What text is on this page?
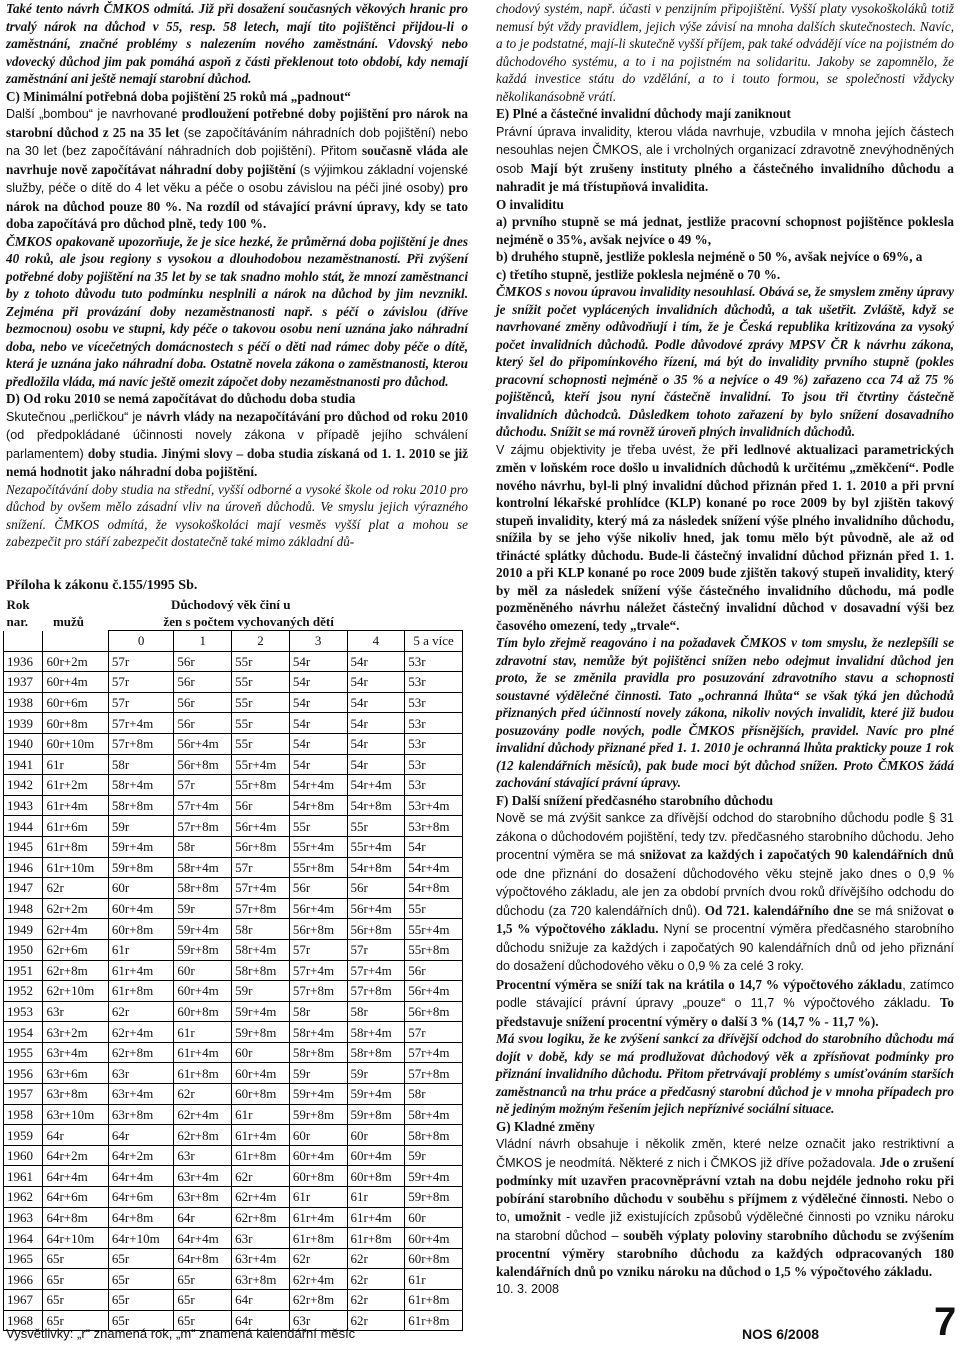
Také tento návrh ČMKOS odmítá. Již při dosažení současných věkových hranic pro trvalý nárok na důchod v 55, resp. 58 letech, mají tito pojištěnci přijdou-li o zaměstnání, značné problémy s nalezením nového zaměstnání. Vdovský nebo vdovecký důchod jim pak pomáhá aspoň z části překlenout toto období, kdy nemají zaměstnání ani ještě nemají starobní důchod.

C) Minimální potřebná doba pojištění 25 roků má „padnout“

Další „bombou“ je navrhované prodloužení potřebné doby pojištění pro nárok na starobní důchod z 25 na 35 let (se započítáváním náhradních dob pojištění) nebo na 30 let (bez započítávání náhradních dob pojištění). Přitom současně vláda ale navrhuje nově započítávat náhradní doby pojištění (s výjimkou základní vojenské služby, péče o dítě do 4 let věku a péče o osobu závislou na péči jiné osoby) pro nárok na důchod pouze 80 %. Na rozdíl od stávající právní úpravy, kdy se tato doba započítává pro důchod plně, tedy 100 %.

ČMKOS opakovaně upozorňuje, že je sice hezké, že průměrná doba pojištění je dnes 40 roků, ale jsou regiony s vysokou a dlouhodobou nezaměstnaností. Při zvýšení potřebné doby pojištění na 35 let by se tak snadno mohlo stát, že mnozí zaměstnanci by z tohoto důvodu tuto podmínku nesplnili a nárok na důchod by jim nevznikl. Zejména při provázání doby nezaměstnanosti např. s péčí o závislou (dříve bezmocnou) osobu ve stupni, kdy péče o takovou osobu není uznána jako náhradní doba, nebo ve vícečetných domácnostech s péčí o děti nad rámec doby péče o dítě, která je uznána jako náhradní doba. Ostatně novela zákona o zaměstnanosti, kterou předložila vláda, má navíc ještě omezit zápočet doby nezaměstnanosti pro důchod.

D) Od roku 2010 se nemá započítávat do důchodu doba studia

Skutečnou „perličkou“ je návrh vlády na nezapočítávání pro důchod od roku 2010 (od předpokládané účinnosti novely zákona v případě jejího schválení parlamentem) doby studia. Jinými slovy – doba studia získaná od 1. 1. 2010 se již nemá hodnotit jako náhradní doba pojištění.

Nezapočítávání doby studia na střední, vyšší odborné a vysoké škole od roku 2010 pro důchod by ovšem mělo zásadní vliv na úroveň důchodů. Ve smyslu jejich výrazného snížení. ČMKOS odmítá, že vysokoškoláci mají vesměs vyšší plat a mohou se zabezpečit pro stáří zabezpečit dostatečně také mimo základní dů-

Příloha k zákonu č.155/1995 Sb.
Rok	Důchodový věk činí u						
nar.	mužů	žen s počtem vychovaných dětí					
		0	1	2	3	4	5 a více
1936	60r+2m	57r	56r	55r	54r	54r	53r
1937	60r+4m	57r	56r	55r	54r	54r	53r
1938	60r+6m	57r	56r	55r	54r	54r	53r
1939	60r+8m	57r+4m	56r	55r	54r	54r	53r
1940	60r+10m	57r+8m	56r+4m	55r	54r	54r	53r
1941	61r	58r	56r+8m	55r+4m	54r	54r	53r
1942	61r+2m	58r+4m	57r	55r+8m	54r+4m	54r+4m	53r
1943	61r+4m	58r+8m	57r+4m	56r	54r+8m	54r+8m	53r+4m
1944	61r+6m	59r	57r+8m	56r+4m	55r	55r	53r+8m
1945	61r+8m	59r+4m	58r	56r+8m	55r+4m	55r+4m	54r
1946	61r+10m	59r+8m	58r+4m	57r	55r+8m	54r+8m	54r+4m
1947	62r	60r	58r+8m	57r+4m	56r	56r	54r+8m
1948	62r+2m	60r+4m	59r	57r+8m	56r+4m	56r+4m	55r
1949	62r+4m	60r+8m	59r+4m	58r	56r+8m	56r+8m	55r+4m
1950	62r+6m	61r	59r+8m	58r+4m	57r	57r	55r+8m
1951	62r+8m	61r+4m	60r	58r+8m	57r+4m	57r+4m	56r
1952	62r+10m	61r+8m	60r+4m	59r	57r+8m	57r+8m	56r+4m
1953	63r	62r	60r+8m	59r+4m	58r	58r	56r+8m
1954	63r+2m	62r+4m	61r	59r+8m	58r+4m	58r+4m	57r
1955	63r+4m	62r+8m	61r+4m	60r	58r+8m	58r+8m	57r+4m
1956	63r+6m	63r	61r+8m	60r+4m	59r	59r	57r+8m
1957	63r+8m	63r+4m	62r	60r+8m	59r+4m	59r+4m	58r
1958	63r+10m	63r+8m	62r+4m	61r	59r+8m	59r+8m	58r+4m
1959	64r	64r	62r+8m	61r+4m	60r	60r	58r+8m
1960	64r+2m	64r+2m	63r	61r+8m	60r+4m	60r+4m	59r
1961	64r+4m	64r+4m	63r+4m	62r	60r+8m	60r+8m	59r+4m
1962	64r+6m	64r+6m	63r+8m	62r+4m	61r	61r	59r+8m
1963	64r+8m	64r+8m	64r	62r+8m	61r+4m	61r+4m	60r
1964	64r+10m	64r+10m	64r+4m	63r	61r+8m	61r+8m	60r+4m
1965	65r	65r	64r+8m	63r+4m	62r	62r	60r+8m
1966	65r	65r	65r	63r+8m	62r+4m	62r	61r
1967	65r	65r	65r	64r	62r+8m	62r	61r+8m
1968	65r	65r	65r	64r	63r	62r	61r+8m
Vysvětlivky: „r“ znamená rok, „m“ znamená kalendářní měsíc

chodový systém, např. účasti v penzijním připojištění. Vyšší platy vysokoškoláků totiž nemusí být vždy pravidlem, jejich výše závisí na mnoha dalších skutečnostech. Navíc, a to je podstatné, mají-li skutečně vyšší příjem, pak také odvádějí více na pojistném do důchodového systému, a to i na pojistném na solidaritu. Jakoby se zapomnělo, že každá investice státu do vzdělání, a to i touto formou, se společnosti vždycky několikanásobně vrátí.

E) Plné a částečné invalidní důchody mají zaniknout

Právní úprava invalidity, kterou vláda navrhuje, vzbudila v mnoha jejích částech nesouhlas nejen ČMKOS, ale i vrcholných organizací zdravotně znevýhodněných osob Mají být zrušeny instituty plného a částečného invalidního důchodu a nahradit je má třístupňová invalidita.

O invaliditu

a) prvního stupně se má jednat, jestliže pracovní schopnost pojištěnce poklesla nejméně o 35%, avšak nejvíce o 49 %,

b) druhého stupně, jestliže poklesla nejméně o 50 %, avšak nejvíce o 69%, a

c) třetího stupně, jestliže poklesla nejméně o 70 %.

ČMKOS s novou úpravou invalidity nesouhlasí. Obává se, že smyslem změny úpravy je snížit počet vyplácených invalidních důchodů, a tak ušetřit. Zvláště, když se navrhované změny odůvodňují i tím, že je Česká republika kritizována za vysoký počet invalidních důchodů. Podle důvodové zprávy MPSV ČR k návrhu zákona, který šel do připomínkového řízení, má být do invalidity prvního stupně (pokles pracovní schopnosti nejméně o 35 % a nejvíce o 49 %) zařazeno cca 74 až 75 % pojištěnců, kteří jsou nyní částečně invalidní. To jsou tři čtvrtiny částečně invalidních důchodců. Důsledkem tohoto zařazení by bylo snížení dosavadního důchodu. Snížit se má rovněž úroveň plných invalidních důchodů.

V zájmu objektivity je třeba uvést, že při ledlnové aktualizaci parametrických změn v loňském roce došlo u invalidních důchodů k určitému „změkčení“. Podle nového návrhu, byl-li plný invalidní důchod přiznán před 1. 1. 2010 a při první kontrolní lékařské prohlídce (KLP) konané po roce 2009 by byl zjištěn takový stupeň invalidity, který má za následek snížení výše plného invalidního důchodu, snížila by se jeho výše nikoliv hned, jak tomu mělo být původně, ale až od třinácté splátky důchodu. Bude-li částečný invalidní důchod přiznán před 1. 1. 2010 a při KLP konané po roce 2009 bude zjištěn takový stupeň invalidity, který by měl za následek snížení výše částečného invalidního důchodu, má podle pozměněného návrhu náležet částečný invalidní důchod v dosavadní výši bez časového omezení, tedy „trvale“.

Tím bylo zřejmě reagováno i na požadavek ČMKOS v tom smyslu, že nezlepšíli se zdravotní stav, nemůže být pojištěnci snížen nebo odejmut invalidní důchod jen proto, že se změnila pravidla pro posuzování zdravotního stavu a schopnosti soustavné výdělečné činnosti. Tato „ochranná lhůta“ se však týká jen důchodů přiznaných před účinností novely zákona, nikoliv nových invalidit, které již budou posuzovány podle nových, podle ČMKOS přísnějších, pravidel. Navíc pro plné invalidní důchody přiznané před 1. 1. 2010 je ochranná lhůta prakticky pouze 1 rok (12 kalendářních měsíců), pak bude moci být důchod snížen. Proto ČMKOS žádá zachování stávající právní úpravy.

F) Další snížení předčasného starobního důchodu

Nově se má zvýšit sankce za dřívější odchod do starobního důchodu podle § 31 zákona o důchodovém pojištění, tedy tzv. předčasného starobního důchodu. Jeho procentní výměra se má snižovat za každých i započatých 90 kalendářních dnů ode dne přiznání do dosažení důchodového věku stejně jako dnes o 0,9 % výpočtového základu, ale jen za období prvních dvou roků dřívějšího odchodu do důchodu (za 720 kalendářních dnů). Od 721. kalendářního dne se má snižovat o 1,5 % výpočtového základu. Nyní se procentní výměra předčasného starobního důchodu snižuje za každých i započatých 90 kalendářních dnů od jeho přiznání do dosažení důchodového věku o 0,9 % za celé 3 roky.

Procentní výměra se sníží tak na krátila o 14,7 % výpočtového základu, zatímco podle stávající právní úpravy „pouze“ o 11,7 % výpočtového základu. To představuje snížení procentní výměry o další 3 % (14,7 % - 11,7 %).

Má svou logiku, že ke zvýšení sankcí za dřívější odchod do starobního důchodu má dojít v době, kdy se má prodlužovat důchodový věk a zpřísňovat podmínky pro přiznání invalidního důchodu. Přitom přetrvávají problémy s umísťováním starších zaměstnanců na trhu práce a předčasný starobní důchod je v mnoha případech pro ně jediným možným řešením jejich nepříznivé sociální situace.

G) Kladné změny

Vládní návrh obsahuje i několik změn, které nelze označit jako restriktivní a ČMKOS je neodmítá. Některé z nich i ČMKOS již dříve požadovala. Jde o zrušení podmínky mít uzavřen pracovněprávní vztah na dobu nejdéle jednoho roku při pobírání starobního důchodu v souběhu s příjmem z výdělečné činnosti. Nebo o to, umožnit - vedle již existujících způsobů výdělečné činnosti po vzniku nároku na starobní důchod – souběh výplaty poloviny starobního důchodu se zvýšením procentní výměry starobního důchodu za každých odpracovaných 180 kalendářních dnů po vzniku nároku na důchod o 1,5 % výpočtového základu.

10. 3. 2008

NOS 6/2008	7
